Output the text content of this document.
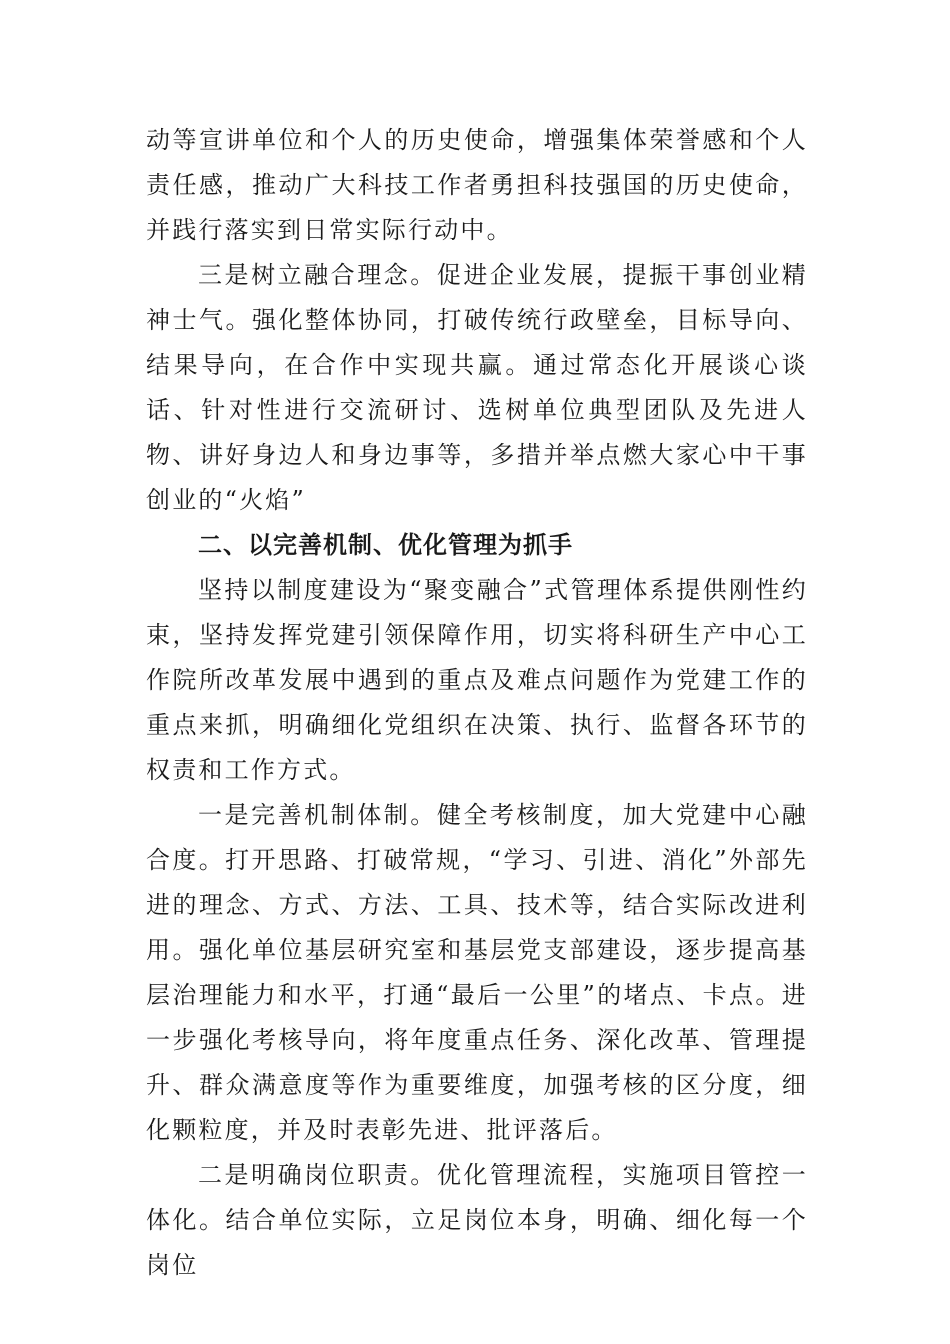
动等宣讲单位和个人的历史使命，增强集体荣誉感和个人责任感，推动广大科技工作者勇担科技强国的历史使命，并践行落实到日常实际行动中。

三是树立融合理念。促进企业发展，提振干事创业精神士气。强化整体协同，打破传统行政壁垒，目标导向、结果导向，在合作中实现共赢。通过常态化开展谈心谈话、针对性进行交流研讨、选树单位典型团队及先进人物、讲好身边人和身边事等，多措并举点燃大家心中干事创业的“火焰”

二、以完善机制、优化管理为抓手

坚持以制度建设为“聚变融合”式管理体系提供刚性约束，坚持发挥党建引领保障作用，切实将科研生产中心工作院所改革发展中遇到的重点及难点问题作为党建工作的重点来抓，明确细化党组织在决策、执行、监督各环节的权责和工作方式。

一是完善机制体制。健全考核制度，加大党建中心融合度。打开思路、打破常规，“学习、引进、消化”外部先进的理念、方式、方法、工具、技术等，结合实际改进利用。强化单位基层研究室和基层党支部建设，逐步提高基层治理能力和水平，打通“最后一公里”的堵点、卡点。进一步强化考核导向，将年度重点任务、深化改革、管理提升、群众满意度等作为重要维度，加强考核的区分度，细化颗粒度，并及时表彰先进、批评落后。

二是明确岗位职责。优化管理流程，实施项目管控一体化。结合单位实际，立足岗位本身，明确、细化每一个岗位
